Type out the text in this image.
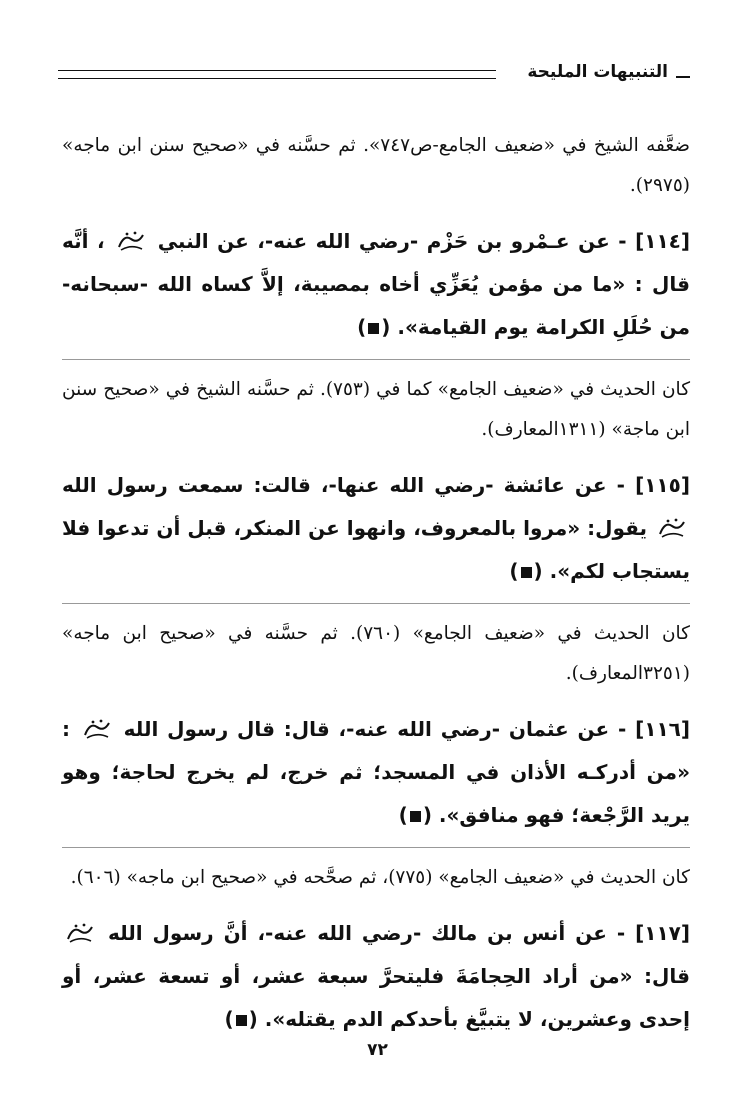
التنبيهات المليحة

ضعَّفه الشيخ في «ضعيف الجامع-ص٧٤٧». ثم حسَّنه في «صحيح سنن ابن ماجه» (٢٩٧٥).

[١١٤] - عن عـمْرو بن حَزْم -رضي الله عنه-، عن النبي  ، أنَّه قال : «ما من مؤمن يُعَزِّي أخاه بمصيبة، إلاَّ كساه الله -سبحانه- من حُلَلِ الكرامة يوم القيامة». ()

كان الحديث في «ضعيف الجامع» كما في (٧٥٣). ثم حسَّنه الشيخ في «صحيح سنن ابن ماجة» (١٣١١المعارف).

[١١٥] - عن عائشة -رضي الله عنها-، قالت: سمعت رسول الله  يقول: «مروا بالمعروف، وانهوا عن المنكر، قبل أن تدعوا فلا يستجاب لكم». ()

كان الحديث في «ضعيف الجامع» (٧٦٠). ثم حسَّنه في «صحيح ابن ماجه» (٣٢٥١المعارف).

[١١٦] - عن عثمان -رضي الله عنه-، قال: قال رسول الله  : «من أدركـه الأذان في المسجد؛ ثم خرج، لم يخرج لحاجة؛ وهو يريد الرَّجْعة؛ فهو منافق». ()

كان الحديث في «ضعيف الجامع» (٧٧٥)، ثم صحَّحه في «صحيح ابن ماجه» (٦٠٦).

[١١٧] - عن أنس بن مالك -رضي الله عنه-، أنَّ رسول الله  قال: «من أراد الحِجامَةَ فليتحرَّ سبعة عشر، أو تسعة عشر، أو إحدى وعشرين، لا يتبيَّغ بأحدكم الدم يقتله». ()

٧٢
